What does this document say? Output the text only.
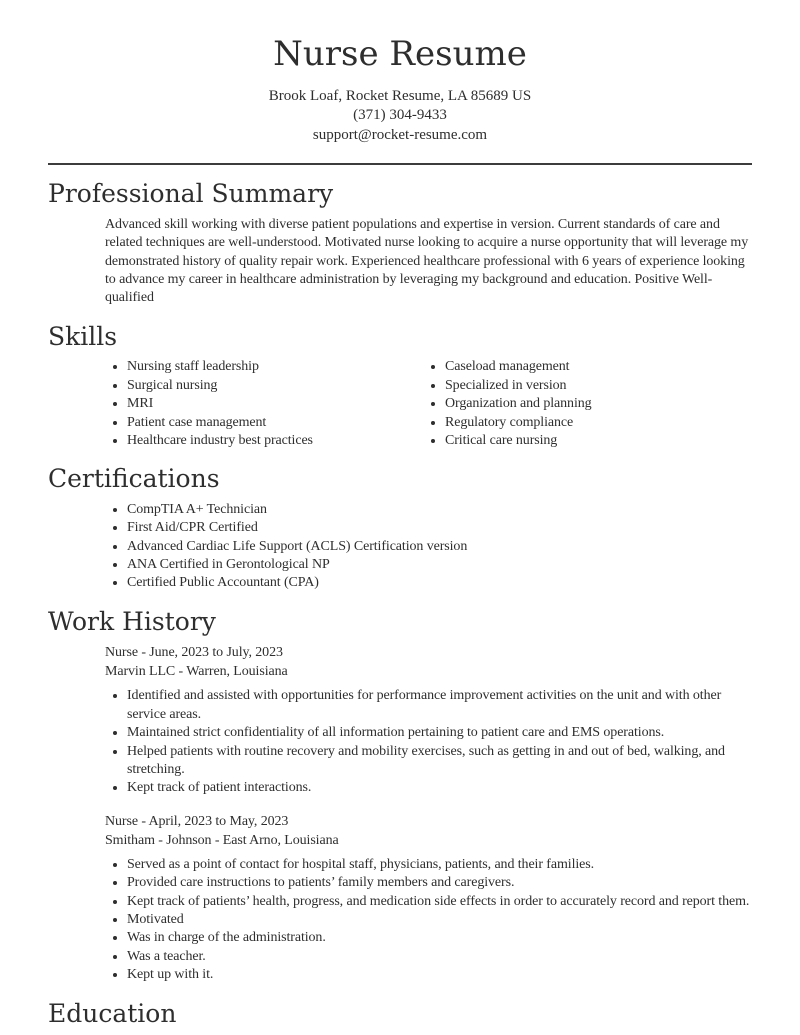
Nurse Resume
Brook Loaf, Rocket Resume, LA 85689 US
(371) 304-9433
support@rocket-resume.com
Professional Summary

Advanced skill working with diverse patient populations and expertise in version. Current standards of care and related techniques are well-understood. Motivated nurse looking to acquire a nurse opportunity that will leverage my demonstrated history of quality repair work. Experienced healthcare professional with 6 years of experience looking to advance my career in healthcare administration by leveraging my background and education. Positive Well-qualified

Skills
• Nursing staff leadership
• Surgical nursing
• MRI
• Patient case management
• Healthcare industry best practices
• Caseload management
• Specialized in version
• Organization and planning
• Regulatory compliance
• Critical care nursing
Certifications
• CompTIA A+ Technician
• First Aid/CPR Certified
• Advanced Cardiac Life Support (ACLS) Certification version
• ANA Certified in Gerontological NP
• Certified Public Accountant (CPA)
Work History
Nurse - June, 2023 to July, 2023
Marvin LLC - Warren, Louisiana
• Identified and assisted with opportunities for performance improvement activities on the unit and with other service areas.
• Maintained strict confidentiality of all information pertaining to patient care and EMS operations.
• Helped patients with routine recovery and mobility exercises, such as getting in and out of bed, walking, and stretching.
• Kept track of patient interactions.
Nurse - April, 2023 to May, 2023
Smitham - Johnson - East Arno, Louisiana
• Served as a point of contact for hospital staff, physicians, patients, and their families.
• Provided care instructions to patients’ family members and caregivers.
• Kept track of patients’ health, progress, and medication side effects in order to accurately record and report them.
• Motivated
• Was in charge of the administration.
• Was a teacher.
• Kept up with it.
Education
